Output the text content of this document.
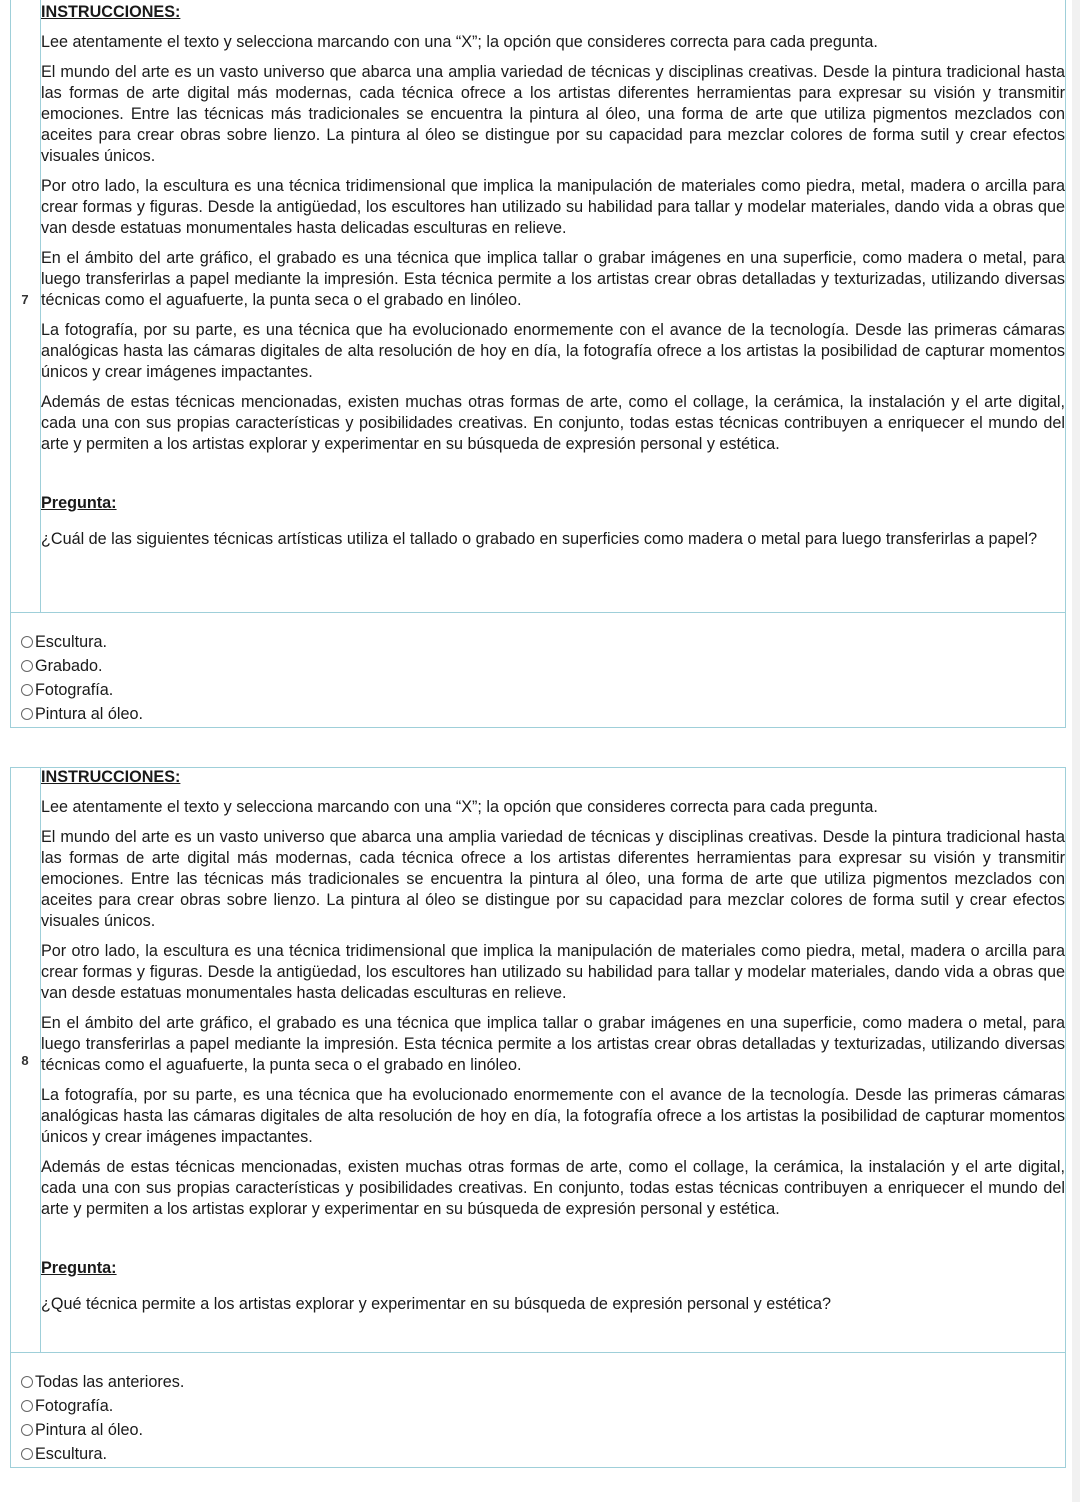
7
INSTRUCCIONES:

Lee atentamente el texto y selecciona marcando con una “X”; la opción que consideres correcta para cada pregunta.

El mundo del arte es un vasto universo que abarca una amplia variedad de técnicas y disciplinas creativas. Desde la pintura tradicional hasta las formas de arte digital más modernas, cada técnica ofrece a los artistas diferentes herramientas para expresar su visión y transmitir emociones. Entre las técnicas más tradicionales se encuentra la pintura al óleo, una forma de arte que utiliza pigmentos mezclados con aceites para crear obras sobre lienzo. La pintura al óleo se distingue por su capacidad para mezclar colores de forma sutil y crear efectos visuales únicos.

Por otro lado, la escultura es una técnica tridimensional que implica la manipulación de materiales como piedra, metal, madera o arcilla para crear formas y figuras. Desde la antigüedad, los escultores han utilizado su habilidad para tallar y modelar materiales, dando vida a obras que van desde estatuas monumentales hasta delicadas esculturas en relieve.

En el ámbito del arte gráfico, el grabado es una técnica que implica tallar o grabar imágenes en una superficie, como madera o metal, para luego transferirlas a papel mediante la impresión. Esta técnica permite a los artistas crear obras detalladas y texturizadas, utilizando diversas técnicas como el aguafuerte, la punta seca o el grabado en linóleo.

La fotografía, por su parte, es una técnica que ha evolucionado enormemente con el avance de la tecnología. Desde las primeras cámaras analógicas hasta las cámaras digitales de alta resolución de hoy en día, la fotografía ofrece a los artistas la posibilidad de capturar momentos únicos y crear imágenes impactantes.

Además de estas técnicas mencionadas, existen muchas otras formas de arte, como el collage, la cerámica, la instalación y el arte digital, cada una con sus propias características y posibilidades creativas. En conjunto, todas estas técnicas contribuyen a enriquecer el mundo del arte y permiten a los artistas explorar y experimentar en su búsqueda de expresión personal y estética.

Pregunta:

¿Cuál de las siguientes técnicas artísticas utiliza el tallado o grabado en superficies como madera o metal para luego transferirlas a papel?

Escultura.
Grabado.
Fotografía.
Pintura al óleo.
8
INSTRUCCIONES:

Lee atentamente el texto y selecciona marcando con una “X”; la opción que consideres correcta para cada pregunta.

El mundo del arte es un vasto universo que abarca una amplia variedad de técnicas y disciplinas creativas. Desde la pintura tradicional hasta las formas de arte digital más modernas, cada técnica ofrece a los artistas diferentes herramientas para expresar su visión y transmitir emociones. Entre las técnicas más tradicionales se encuentra la pintura al óleo, una forma de arte que utiliza pigmentos mezclados con aceites para crear obras sobre lienzo. La pintura al óleo se distingue por su capacidad para mezclar colores de forma sutil y crear efectos visuales únicos.

Por otro lado, la escultura es una técnica tridimensional que implica la manipulación de materiales como piedra, metal, madera o arcilla para crear formas y figuras. Desde la antigüedad, los escultores han utilizado su habilidad para tallar y modelar materiales, dando vida a obras que van desde estatuas monumentales hasta delicadas esculturas en relieve.

En el ámbito del arte gráfico, el grabado es una técnica que implica tallar o grabar imágenes en una superficie, como madera o metal, para luego transferirlas a papel mediante la impresión. Esta técnica permite a los artistas crear obras detalladas y texturizadas, utilizando diversas técnicas como el aguafuerte, la punta seca o el grabado en linóleo.

La fotografía, por su parte, es una técnica que ha evolucionado enormemente con el avance de la tecnología. Desde las primeras cámaras analógicas hasta las cámaras digitales de alta resolución de hoy en día, la fotografía ofrece a los artistas la posibilidad de capturar momentos únicos y crear imágenes impactantes.

Además de estas técnicas mencionadas, existen muchas otras formas de arte, como el collage, la cerámica, la instalación y el arte digital, cada una con sus propias características y posibilidades creativas. En conjunto, todas estas técnicas contribuyen a enriquecer el mundo del arte y permiten a los artistas explorar y experimentar en su búsqueda de expresión personal y estética.

Pregunta:

¿Qué técnica permite a los artistas explorar y experimentar en su búsqueda de expresión personal y estética?

Todas las anteriores.
Fotografía.
Pintura al óleo.
Escultura.
